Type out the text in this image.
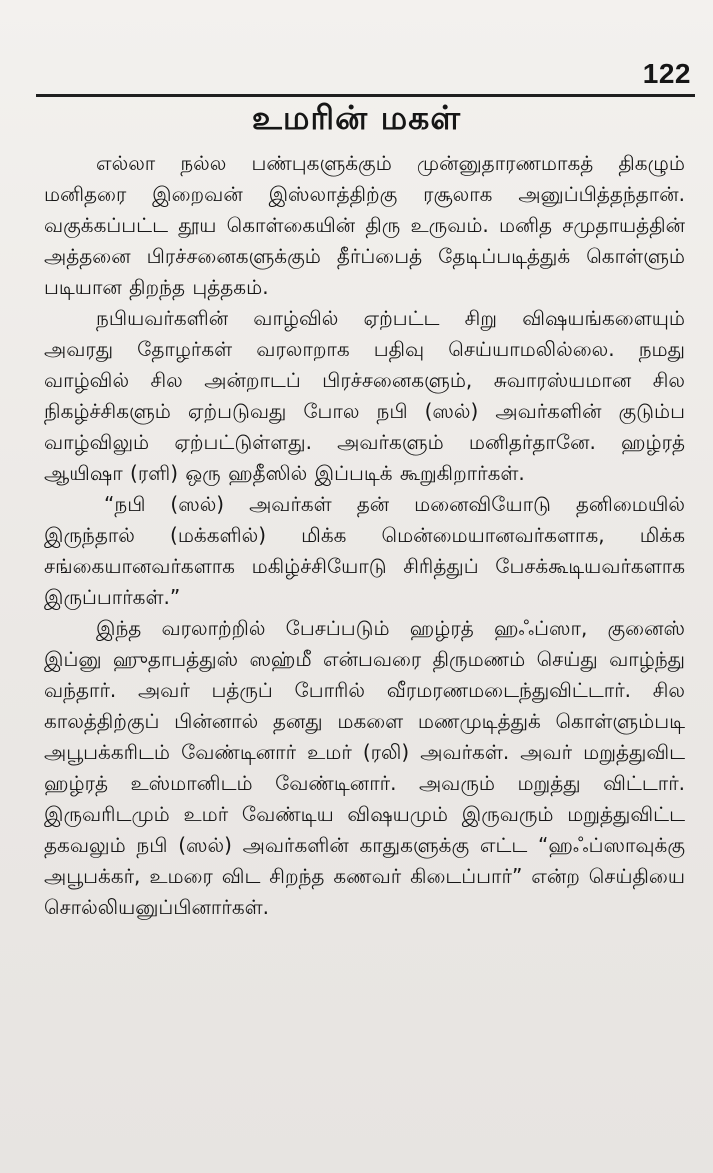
122
உமரின் மகள்

எல்லா நல்ல பண்புகளுக்கும் முன்னுதாரணமாகத் திகழும் மனிதரை இறைவன் இஸ்லாத்திற்கு ரசூலாக அனுப்பித்தந்தான். வகுக்கப்பட்ட தூய கொள்கையின் திரு உருவம். மனித சமுதாயத்தின் அத்தனை பிரச்சனைகளுக்கும் தீர்ப்பைத் தேடிப்படித்துக் கொள்ளும் படியான திறந்த புத்தகம்.

நபியவர்களின் வாழ்வில் ஏற்பட்ட சிறு விஷயங்களையும் அவரது தோழர்கள் வரலாறாக பதிவு செய்யாமலில்லை. நமது வாழ்வில் சில அன்றாடப் பிரச்சனைகளும், சுவாரஸ்யமான சில நிகழ்ச்சிகளும் ஏற்படுவது போல நபி (ஸல்) அவர்களின் குடும்ப வாழ்விலும் ஏற்பட்டுள்ளது. அவர்களும் மனிதர்தானே. ஹழ்ரத் ஆயிஷா (ரளி) ஒரு ஹதீஸில் இப்படிக் கூறுகிறார்கள்.

“நபி (ஸல்) அவர்கள் தன் மனைவியோடு தனிமையில் இருந்தால் (மக்களில்) மிக்க மென்மையானவர்களாக, மிக்க சங்கையானவர்களாக மகிழ்ச்சியோடு சிரித்துப் பேசக்கூடியவர்களாக இருப்பார்கள்.”

இந்த வரலாற்றில் பேசப்படும் ஹழ்ரத் ஹஃப்ஸா, குனைஸ் இப்னு ஹுதாபத்துஸ் ஸஹ்மீ என்பவரை திருமணம் செய்து வாழ்ந்து வந்தார். அவர் பத்ருப் போரில் வீரமரணமடைந்துவிட்டார். சில காலத்திற்குப் பின்னால் தனது மகளை மணமுடித்துக் கொள்ளும்படி அபூபக்கரிடம் வேண்டினார் உமர் (ரலி) அவர்கள். அவர் மறுத்துவிட ஹழ்ரத் உஸ்மானிடம் வேண்டினார். அவரும் மறுத்து விட்டார். இருவரிடமும் உமர் வேண்டிய விஷயமும் இருவரும் மறுத்துவிட்ட தகவலும் நபி (ஸல்) அவர்களின் காதுகளுக்கு எட்ட “ஹஃப்ஸாவுக்கு அபூபக்கர், உமரை விட சிறந்த கணவர் கிடைப்பார்” என்ற செய்தியை சொல்லியனுப்பினார்கள்.
